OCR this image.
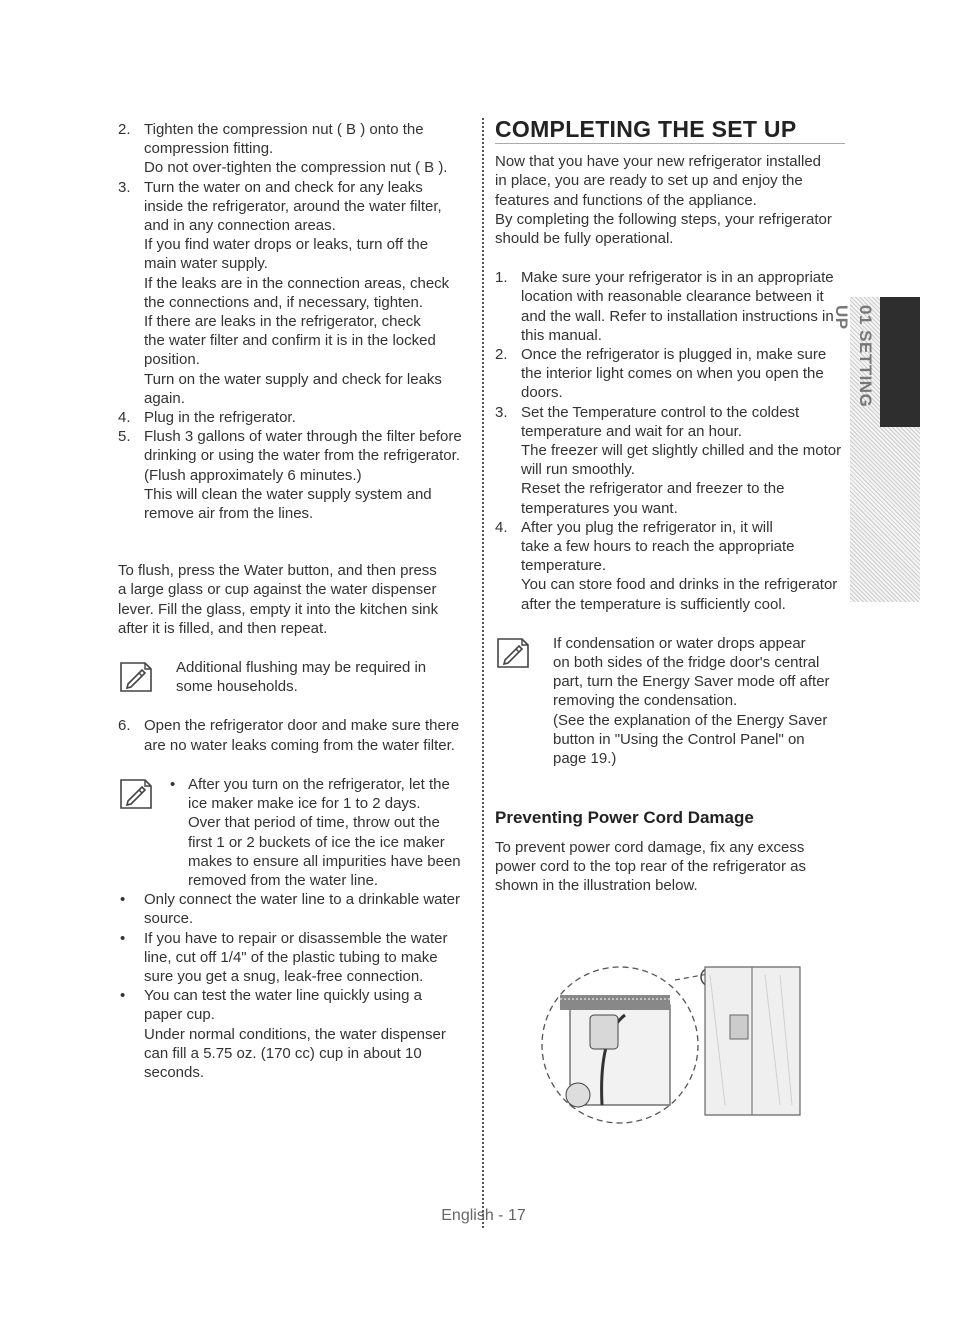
2. Tighten the compression nut ( B ) onto the
compression fitting.
Do not over-tighten the compression nut ( B ).
3. Turn the water on and check for any leaks
inside the refrigerator, around the water filter,
and in any connection areas.
If you find water drops or leaks, turn off the
main water supply.
If the leaks are in the connection areas, check
the connections and, if necessary, tighten.
If there are leaks in the refrigerator, check
the water filter and confirm it is in the locked
position.
Turn on the water supply and check for leaks
again.
4. Plug in the refrigerator.
5. Flush 3 gallons of water through the filter before
drinking or using the water from the refrigerator.
(Flush approximately 6 minutes.)
This will clean the water supply system and
remove air from the lines.

To flush, press the Water button, and then press
a large glass or cup against the water dispenser
lever. Fill the glass, empty it into the kitchen sink
after it is filled, and then repeat.

Additional flushing may be required in
some households.
6. Open the refrigerator door and make sure there
are no water leaks coming from the water filter.
• After you turn on the refrigerator, let the
ice maker make ice for 1 to 2 days.
Over that period of time, throw out the
first 1 or 2 buckets of ice the ice maker
makes to ensure all impurities have been
removed from the water line.
• Only connect the water line to a drinkable water
source.
• If you have to repair or disassemble the water
line, cut off 1/4" of the plastic tubing to make
sure you get a snug, leak-free connection.
• You can test the water line quickly using a
paper cup.
Under normal conditions, the water dispenser
can fill a 5.75 oz. (170 cc) cup in about 10
seconds.
COMPLETING THE SET UP

Now that you have your new refrigerator installed
in place, you are ready to set up and enjoy the
features and functions of the appliance.
By completing the following steps, your refrigerator
should be fully operational.

1. Make sure your refrigerator is in an appropriate
location with reasonable clearance between it
and the wall. Refer to installation instructions in
this manual.
2. Once the refrigerator is plugged in, make sure
the interior light comes on when you open the
doors.
3. Set the Temperature control to the coldest
temperature and wait for an hour.
The freezer will get slightly chilled and the motor
will run smoothly.
Reset the refrigerator and freezer to the
temperatures you want.
4. After you plug the refrigerator in, it will
take a few hours to reach the appropriate
temperature.
You can store food and drinks in the refrigerator
after the temperature is sufficiently cool.
If condensation or water drops appear
on both sides of the fridge door's central
part, turn the Energy Saver mode off after
removing the condensation.
(See the explanation of the Energy Saver
button in "Using the Control Panel" on
page 19.)
Preventing Power Cord Damage

To prevent power cord damage, fix any excess
power cord to the top rear of the refrigerator as
shown in the illustration below.

01 SETTING UP
English - 17
